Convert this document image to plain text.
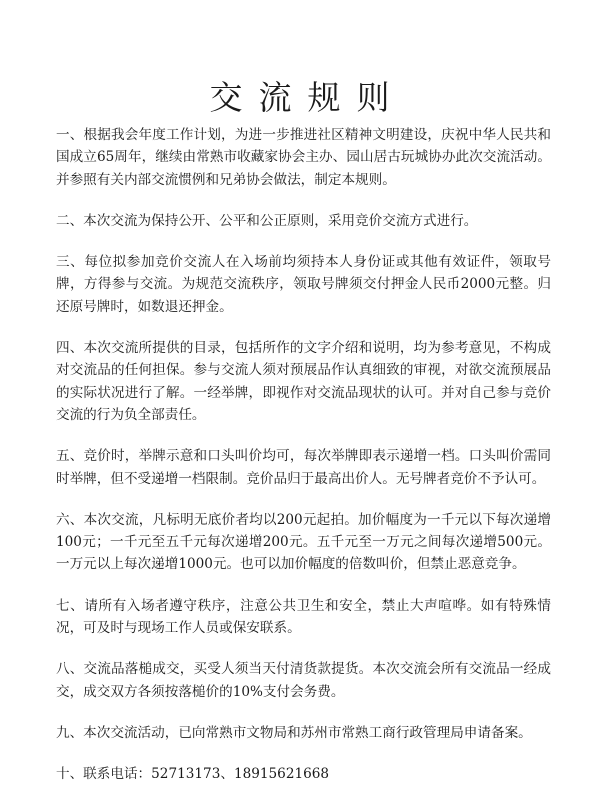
交流规则

一、根据我会年度工作计划，为进一步推进社区精神文明建设，庆祝中华人民共和国成立65周年，继续由常熟市收藏家协会主办、园山居古玩城协办此次交流活动。并参照有关内部交流惯例和兄弟协会做法，制定本规则。

二、本次交流为保持公开、公平和公正原则，采用竞价交流方式进行。

三、每位拟参加竞价交流人在入场前均须持本人身份证或其他有效证件，领取号牌，方得参与交流。为规范交流秩序，领取号牌须交付押金人民币2000元整。归还原号牌时，如数退还押金。

四、本次交流所提供的目录，包括所作的文字介绍和说明，均为参考意见，不构成对交流品的任何担保。参与交流人须对预展品作认真细致的审视，对欲交流预展品的实际状况进行了解。一经举牌，即视作对交流品现状的认可。并对自己参与竞价交流的行为负全部责任。

五、竞价时，举牌示意和口头叫价均可，每次举牌即表示递增一档。口头叫价需同时举牌，但不受递增一档限制。竞价品归于最高出价人。无号牌者竞价不予认可。

六、本次交流，凡标明无底价者均以200元起拍。加价幅度为一千元以下每次递增100元；一千元至五千元每次递增200元。五千元至一万元之间每次递增500元。一万元以上每次递增1000元。也可以加价幅度的倍数叫价，但禁止恶意竞争。

七、请所有入场者遵守秩序，注意公共卫生和安全，禁止大声喧哗。如有特殊情况，可及时与现场工作人员或保安联系。

八、交流品落槌成交，买受人须当天付清货款提货。本次交流会所有交流品一经成交，成交双方各须按落槌价的10%支付会务费。

九、本次交流活动，已向常熟市文物局和苏州市常熟工商行政管理局申请备案。

十、联系电话：52713173、18915621668
